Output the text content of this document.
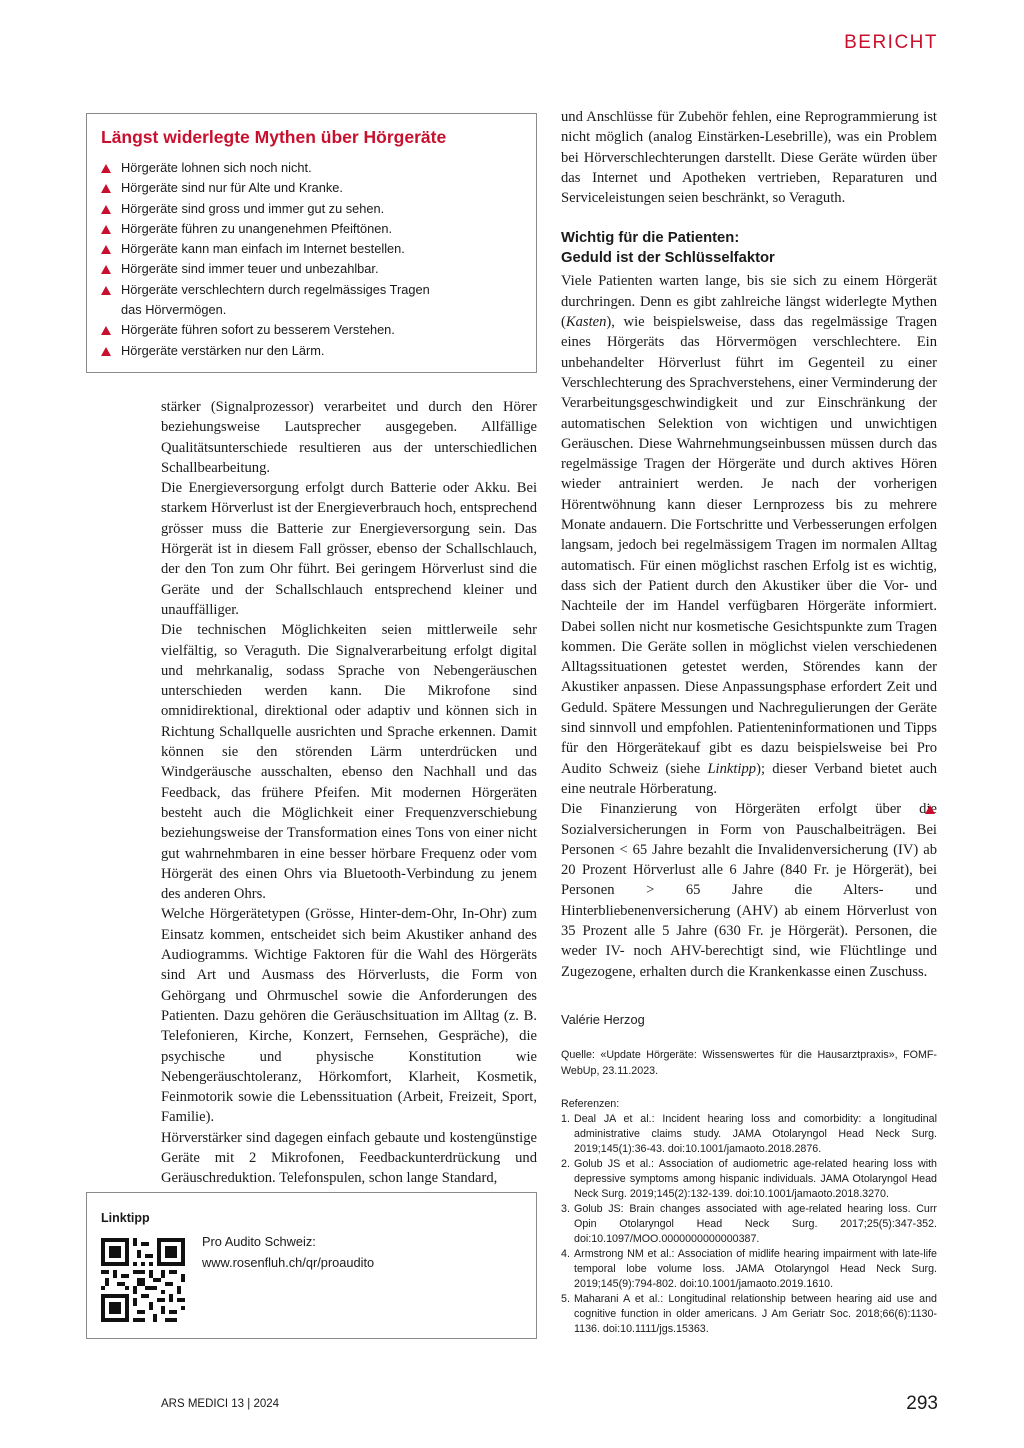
BERICHT
Längst widerlegte Mythen über Hörgeräte
Hörgeräte lohnen sich noch nicht.
Hörgeräte sind nur für Alte und Kranke.
Hörgeräte sind gross und immer gut zu sehen.
Hörgeräte führen zu unangenehmen Pfeiftönen.
Hörgeräte kann man einfach im Internet bestellen.
Hörgeräte sind immer teuer und unbezahlbar.
Hörgeräte verschlechtern durch regelmässiges Tragen das Hörvermögen.
Hörgeräte führen sofort zu besserem Verstehen.
Hörgeräte verstärken nur den Lärm.

stärker (Signalprozessor) verarbeitet und durch den Hörer beziehungsweise Lautsprecher ausgegeben. Allfällige Qualitätsunterschiede resultieren aus der unterschiedlichen Schallbearbeitung.

Die Energieversorgung erfolgt durch Batterie oder Akku. Bei starkem Hörverlust ist der Energieverbrauch hoch, entsprechend grösser muss die Batterie zur Energieversorgung sein. Das Hörgerät ist in diesem Fall grösser, ebenso der Schallschlauch, der den Ton zum Ohr führt. Bei geringem Hörverlust sind die Geräte und der Schallschlauch entsprechend kleiner und unauffälliger.

Die technischen Möglichkeiten seien mittlerweile sehr vielfältig, so Veraguth. Die Signalverarbeitung erfolgt digital und mehrkanalig, sodass Sprache von Nebengeräuschen unterschieden werden kann. Die Mikrofone sind omnidirektional, direktional oder adaptiv und können sich in Richtung Schallquelle ausrichten und Sprache erkennen. Damit können sie den störenden Lärm unterdrücken und Windgeräusche ausschalten, ebenso den Nachhall und das Feedback, das frühere Pfeifen. Mit modernen Hörgeräten besteht auch die Möglichkeit einer Frequenzverschiebung beziehungsweise der Transformation eines Tons von einer nicht gut wahrnehmbaren in eine besser hörbare Frequenz oder vom Hörgerät des einen Ohrs via Bluetooth-Verbindung zu jenem des anderen Ohrs.

Welche Hörgerätetypen (Grösse, Hinter-dem-Ohr, In-Ohr) zum Einsatz kommen, entscheidet sich beim Akustiker anhand des Audiogramms. Wichtige Faktoren für die Wahl des Hörgeräts sind Art und Ausmass des Hörverlusts, die Form von Gehörgang und Ohrmuschel sowie die Anforderungen des Patienten. Dazu gehören die Geräuschsituation im Alltag (z. B. Telefonieren, Kirche, Konzert, Fernsehen, Gespräche), die psychische und physische Konstitution wie Nebengeräuschtoleranz, Hörkomfort, Klarheit, Kosmetik, Feinmotorik sowie die Lebenssituation (Arbeit, Freizeit, Sport, Familie).

Hörverstärker sind dagegen einfach gebaute und kostengünstige Geräte mit 2 Mikrofonen, Feedbackunterdrückung und Geräuschreduktion. Telefonspulen, schon lange Standard,

und Anschlüsse für Zubehör fehlen, eine Reprogrammierung ist nicht möglich (analog Einstärken-Lesebrille), was ein Problem bei Hörverschlechterungen darstellt. Diese Geräte würden über das Internet und Apotheken vertrieben, Reparaturen und Serviceleistungen seien beschränkt, so Veraguth.

Wichtig für die Patienten:
Geduld ist der Schlüsselfaktor

Viele Patienten warten lange, bis sie sich zu einem Hörgerät durchringen. Denn es gibt zahlreiche längst widerlegte Mythen (Kasten), wie beispielsweise, dass das regelmässige Tragen eines Hörgeräts das Hörvermögen verschlechtere. Ein unbehandelter Hörverlust führt im Gegenteil zu einer Verschlechterung des Sprachverstehens, einer Verminderung der Verarbeitungsgeschwindigkeit und zur Einschränkung der automatischen Selektion von wichtigen und unwichtigen Geräuschen. Diese Wahrnehmungseinbussen müssen durch das regelmässige Tragen der Hörgeräte und durch aktives Hören wieder antrainiert werden. Je nach der vorherigen Hörentwöhnung kann dieser Lernprozess bis zu mehrere Monate andauern. Die Fortschritte und Verbesserungen erfolgen langsam, jedoch bei regelmässigem Tragen im normalen Alltag automatisch. Für einen möglichst raschen Erfolg ist es wichtig, dass sich der Patient durch den Akustiker über die Vor- und Nachteile der im Handel verfügbaren Hörgeräte informiert. Dabei sollen nicht nur kosmetische Gesichtspunkte zum Tragen kommen. Die Geräte sollen in möglichst vielen verschiedenen Alltagssituationen getestet werden, Störendes kann der Akustiker anpassen. Diese Anpassungsphase erfordert Zeit und Geduld. Spätere Messungen und Nachregulierungen der Geräte sind sinnvoll und empfohlen. Patienteninformationen und Tipps für den Hörgerätekauf gibt es dazu beispielsweise bei Pro Audito Schweiz (siehe Linktipp); dieser Verband bietet auch eine neutrale Hörberatung.

Die Finanzierung von Hörgeräten erfolgt über die Sozialversicherungen in Form von Pauschalbeiträgen. Bei Personen < 65 Jahre bezahlt die Invalidenversicherung (IV) ab 20 Prozent Hörverlust alle 6 Jahre (840 Fr. je Hörgerät), bei Personen > 65 Jahre die Alters- und Hinterbliebenenversicherung (AHV) ab einem Hörverlust von 35 Prozent alle 5 Jahre (630 Fr. je Hörgerät). Personen, die weder IV- noch AHV-berechtigt sind, wie Flüchtlinge und Zugezogene, erhalten durch die Krankenkasse einen Zuschuss.

Valérie Herzog
Quelle: «Update Hörgeräte: Wissenswertes für die Hausarztpraxis», FOMF-WebUp, 23.11.2023.
Referenzen:
1. Deal JA et al.: Incident hearing loss and comorbidity: a longitudinal administrative claims study. JAMA Otolaryngol Head Neck Surg. 2019;145(1):36-43. doi:10.1001/jamaoto.2018.2876.
2. Golub JS et al.: Association of audiometric age-related hearing loss with depressive symptoms among hispanic individuals. JAMA Otolaryngol Head Neck Surg. 2019;145(2):132-139. doi:10.1001/jamaoto.2018.3270.
3. Golub JS: Brain changes associated with age-related hearing loss. Curr Opin Otolaryngol Head Neck Surg. 2017;25(5):347-352. doi:10.1097/MOO.0000000000000387.
4. Armstrong NM et al.: Association of midlife hearing impairment with late-life temporal lobe volume loss. JAMA Otolaryngol Head Neck Surg. 2019;145(9):794-802. doi:10.1001/jamaoto.2019.1610.
5. Maharani A et al.: Longitudinal relationship between hearing aid use and cognitive function in older americans. J Am Geriatr Soc. 2018;66(6):1130-1136. doi:10.1111/jgs.15363.
Linktipp
Pro Audito Schweiz:
www.rosenfluh.ch/qr/proaudito
ARS MEDICI 13 | 2024	293
